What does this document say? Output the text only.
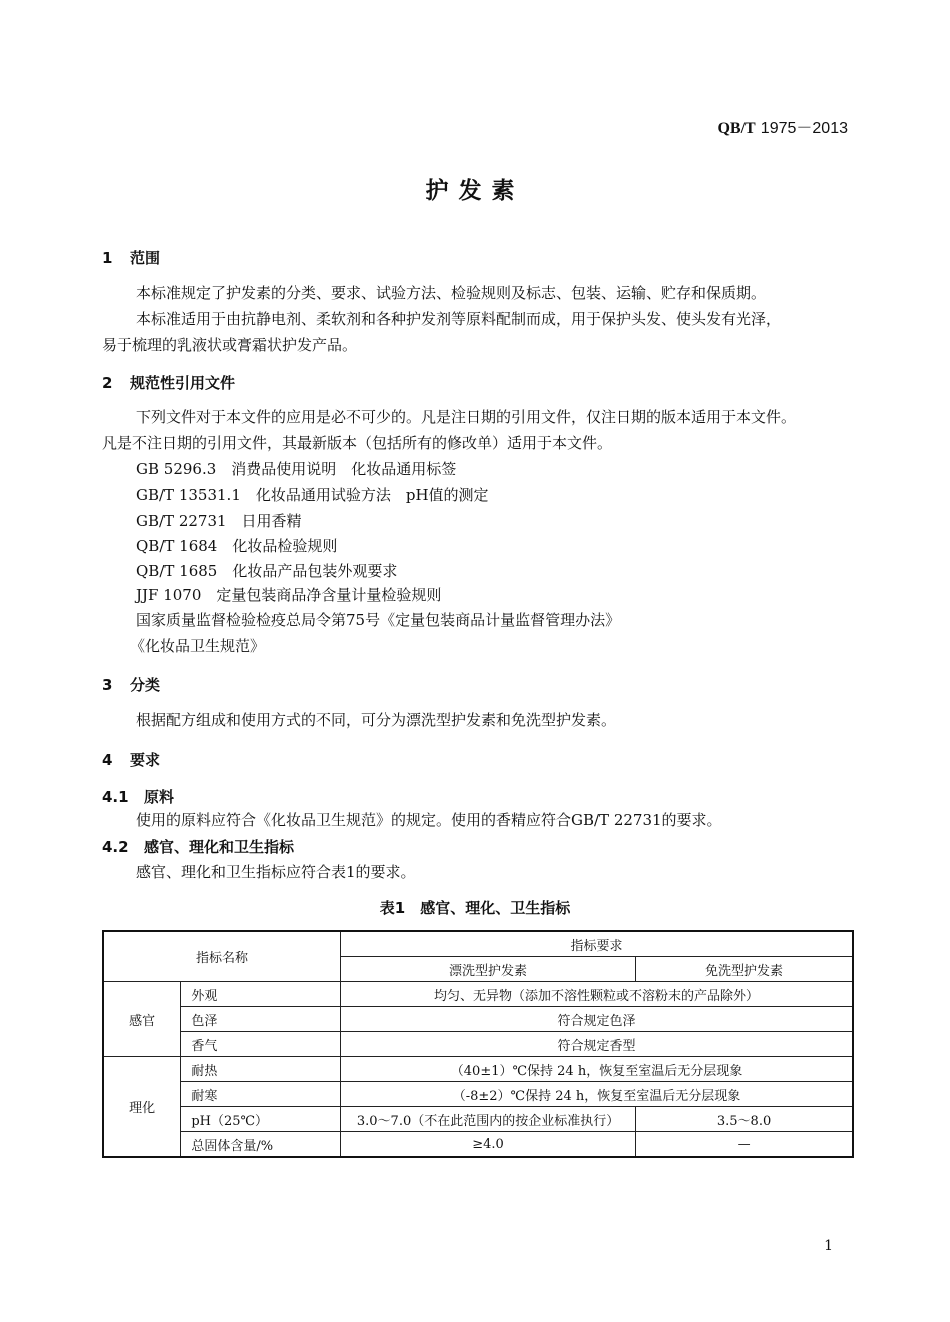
QB/T 1975－2013
护发素
1 范围
本标准规定了护发素的分类、要求、试验方法、检验规则及标志、包装、运输、贮存和保质期。
本标准适用于由抗静电剂、柔软剂和各种护发剂等原料配制而成，用于保护头发、使头发有光泽，
易于梳理的乳液状或膏霜状护发产品。
2 规范性引用文件
下列文件对于本文件的应用是必不可少的。凡是注日期的引用文件，仅注日期的版本适用于本文件。
凡是不注日期的引用文件，其最新版本（包括所有的修改单）适用于本文件。
GB 5296.3　消费品使用说明　化妆品通用标签
GB/T 13531.1　化妆品通用试验方法　pH值的测定
GB/T 22731　日用香精
QB/T 1684　化妆品检验规则
QB/T 1685　化妆品产品包装外观要求
JJF 1070　定量包装商品净含量计量检验规则
国家质量监督检验检疫总局令第75号《定量包装商品计量监督管理办法》
《化妆品卫生规范》
3 分类
根据配方组成和使用方式的不同，可分为漂洗型护发素和免洗型护发素。
4 要求
4.1 原料
使用的原料应符合《化妆品卫生规范》的规定。使用的香精应符合GB/T 22731的要求。
4.2 感官、理化和卫生指标
感官、理化和卫生指标应符合表1的要求。
表1　感官、理化、卫生指标
指标名称		指标要求	
		漂洗型护发素	免洗型护发素
感官	外观	均匀、无异物（添加不溶性颗粒或不溶粉末的产品除外）	
	色泽	符合规定色泽	
	香气	符合规定香型	
理化	耐热	（40±1）℃保持 24 h，恢复至室温后无分层现象	
	耐寒	（-8±2）℃保持 24 h，恢复至室温后无分层现象	
	pH（25℃）	3.0～7.0（不在此范围内的按企业标准执行）	3.5～8.0
	总固体含量/%	≥4.0	—
1
